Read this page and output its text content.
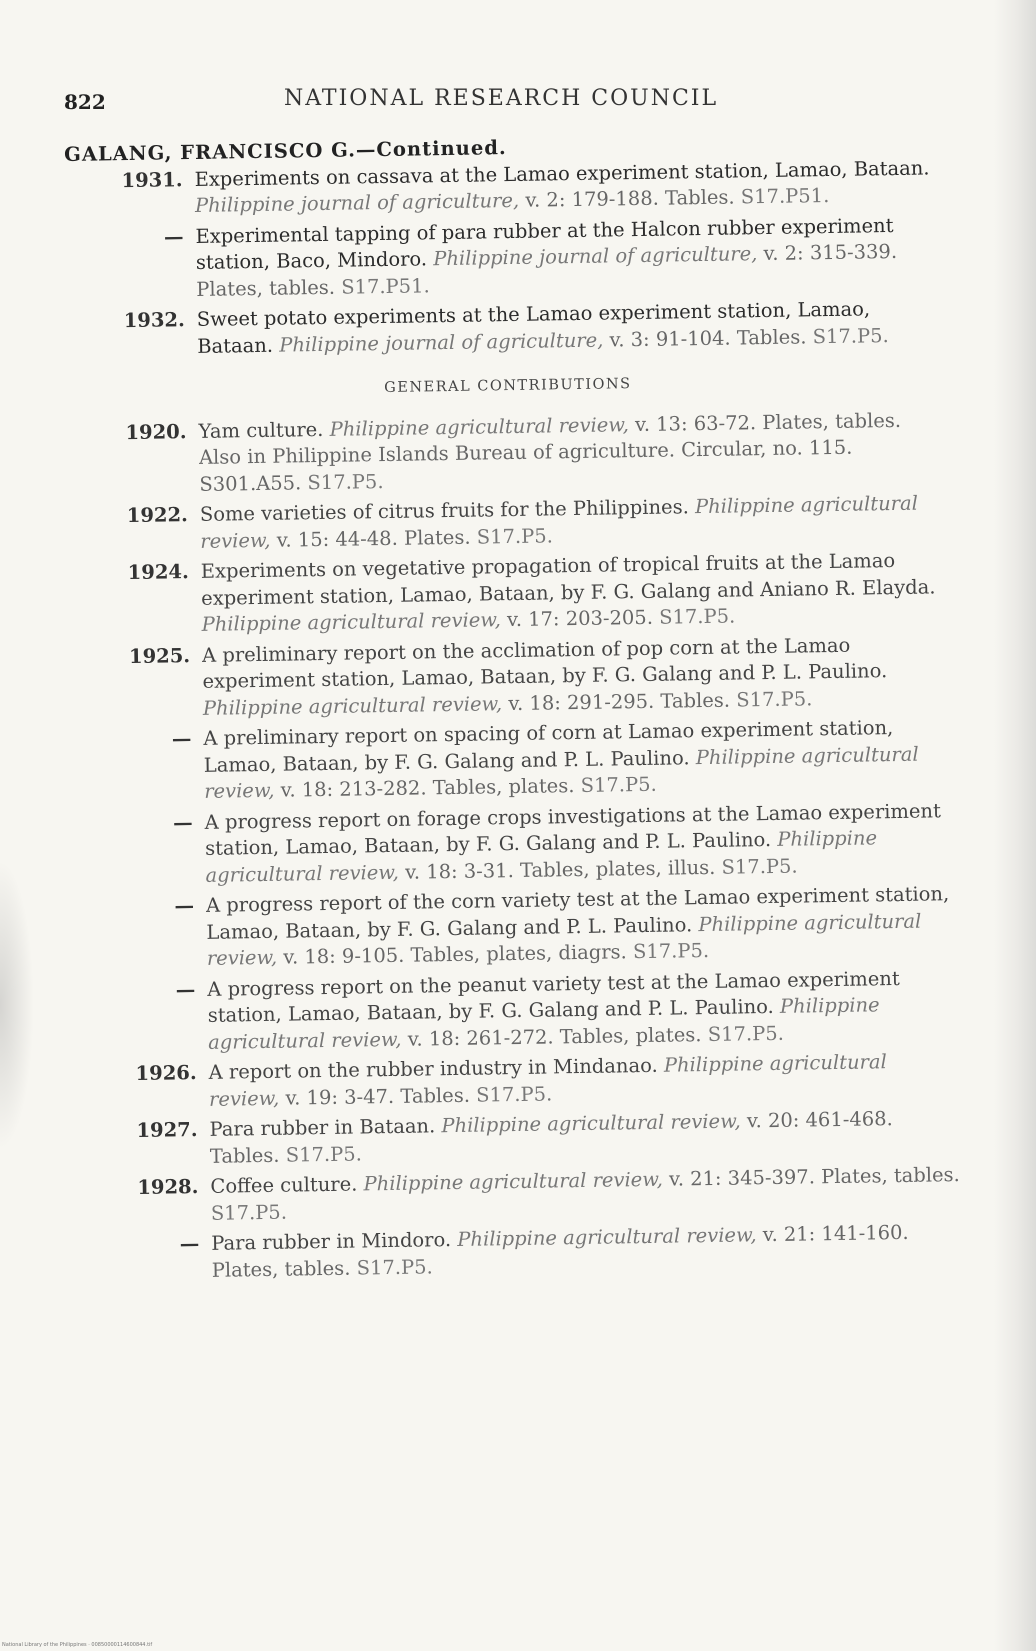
822	NATIONAL RESEARCH COUNCIL
GALANG, FRANCISCO G.—Continued.
1931. Experiments on cassava at the Lamao experiment station, Lamao, Bataan. Philippine journal of agriculture, v. 2: 179-188. Tables. S17.P51.
— Experimental tapping of para rubber at the Halcon rubber experiment station, Baco, Mindoro. Philippine journal of agriculture, v. 2: 315-339. Plates, tables. S17.P51.
1932. Sweet potato experiments at the Lamao experiment station, Lamao, Bataan. Philippine journal of agriculture, v. 3: 91-104. Tables. S17.P5.
GENERAL CONTRIBUTIONS
1920. Yam culture. Philippine agricultural review, v. 13: 63-72. Plates, tables. Also in Philippine Islands Bureau of agriculture. Circular, no. 115. S301.A55. S17.P5.
1922. Some varieties of citrus fruits for the Philippines. Philippine agricultural review, v. 15: 44-48. Plates. S17.P5.
1924. Experiments on vegetative propagation of tropical fruits at the Lamao experiment station, Lamao, Bataan, by F. G. Galang and Aniano R. Elayda. Philippine agricultural review, v. 17: 203-205. S17.P5.
1925. A preliminary report on the acclimation of pop corn at the Lamao experiment station, Lamao, Bataan, by F. G. Galang and P. L. Paulino. Philippine agricultural review, v. 18: 291-295. Tables. S17.P5.
— A preliminary report on spacing of corn at Lamao experiment station, Lamao, Bataan, by F. G. Galang and P. L. Paulino. Philippine agricultural review, v. 18: 213-282. Tables, plates. S17.P5.
— A progress report on forage crops investigations at the Lamao experiment station, Lamao, Bataan, by F. G. Galang and P. L. Paulino. Philippine agricultural review, v. 18: 3-31. Tables, plates, illus. S17.P5.
— A progress report of the corn variety test at the Lamao experiment station, Lamao, Bataan, by F. G. Galang and P. L. Paulino. Philippine agricultural review, v. 18: 9-105. Tables, plates, diagrs. S17.P5.
— A progress report on the peanut variety test at the Lamao experiment station, Lamao, Bataan, by F. G. Galang and P. L. Paulino. Philippine agricultural review, v. 18: 261-272. Tables, plates. S17.P5.
1926. A report on the rubber industry in Mindanao. Philippine agricultural review, v. 19: 3-47. Tables. S17.P5.
1927. Para rubber in Bataan. Philippine agricultural review, v. 20: 461-468. Tables. S17.P5.
1928. Coffee culture. Philippine agricultural review, v. 21: 345-397. Plates, tables. S17.P5.
— Para rubber in Mindoro. Philippine agricultural review, v. 21: 141-160. Plates, tables. S17.P5.
National Library of the Philippines · 00850000114600844.tif
